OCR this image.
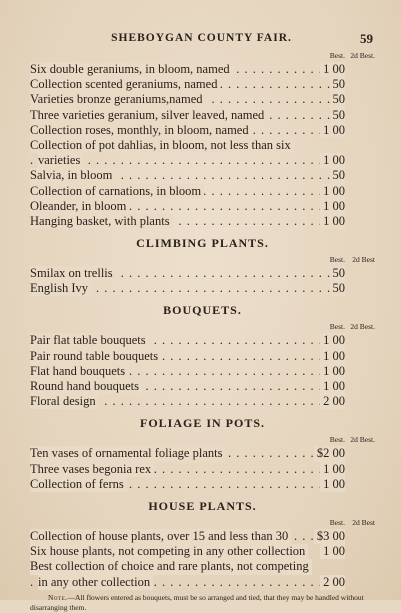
SHEBOYGAN COUNTY FAIR.	59
Best. 2d Best.
. . .
Six double geraniums, in bloom, named	1 00
. . .
Collection scented geraniums, named	50
. . .
Varieties bronze geraniums,named	50
. . .
Three varieties geranium, silver leaved, named	50
. . .
Collection roses, monthly, in bloom, named	1 00
Collection of pot dahlias, in bloom, not less than six
. . .
varieties	1 00
. . .
Salvia, in bloom	50
. . .
Collection of carnations, in bloom	1 00
. . .
Oleander, in bloom	1 00
. . .
Hanging basket, with plants	1 00
CLIMBING PLANTS.
Best. 2d Best
. . .
Smilax on trellis	50
. . .
English Ivy	50
BOUQUETS.
Best. 2d Best.
. . .
Pair flat table bouquets	1 00
. . .
Pair round table bouquets	1 00
. . .
Flat hand bouquets	1 00
. . .
Round hand bouquets	1 00
. . .
Floral design	2 00
FOLIAGE IN POTS.
Best. 2d Best.
. . .
Ten vases of ornamental foliage plants	$2 00
. . .
Three vases begonia rex	1 00
. . .
Collection of ferns	1 00
HOUSE PLANTS.
Best. 2d Best
. . .
Collection of house plants, over 15 and less than 30 $3 00
Six house plants, not competing in any other collection 1 00
Best collection of choice and rare plants, not competing
. . .
in any other collection	2 00
Note.—All flowers entered as bouquets, must be so arranged and tied, that they may be handled without disarranging them.
